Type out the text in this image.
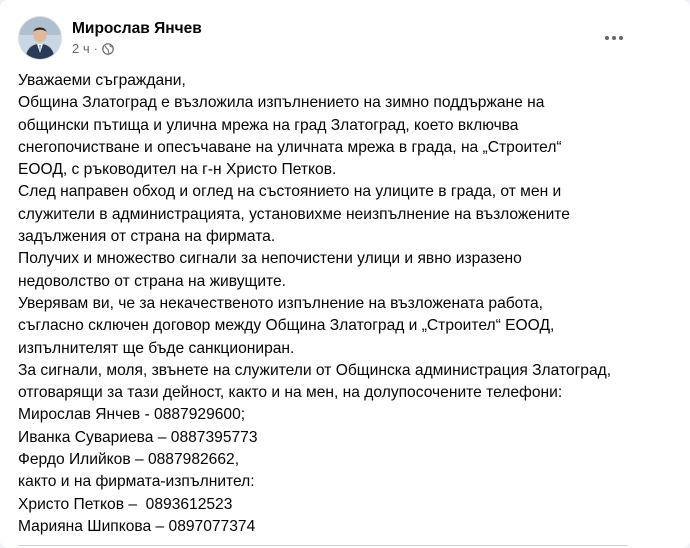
Мирослав Янчев
2 ч ·

Уважаеми съграждани,

Община Златоград е възложила изпълнението на зимно поддържане на

общински пътища и улична мрежа на град Златоград, което включва

снегопочистване и опесъчаване на уличната мрежа в града, на „Строител“

ЕООД, с ръководител на г-н Христо Петков.

След направен обход и оглед на състоянието на улиците в града, от мен и

служители в администрацията, установихме неизпълнение на възложените

задължения от страна на фирмата.

Получих и множество сигнали за непочистени улици и явно изразено

недоволство от страна на живущите.

Уверявам ви, че за некачественото изпълнение на възложената работа,

съгласно сключен договор между Община Златоград и „Строител“ ЕООД,

изпълнителят ще бъде санкциониран.

За сигнали, моля, звънете на служители от Общинска администрация Златоград,

отговарящи за тази дейност, както и на мен, на долупосочените телефони:

Мирослав Янчев - 0887929600;

Иванка Сувариева – 0887395773

Фердо Илийков – 0887982662,

както и на фирмата-изпълнител:

Христо Петков –  0893612523

Марияна Шипкова – 0897077374
